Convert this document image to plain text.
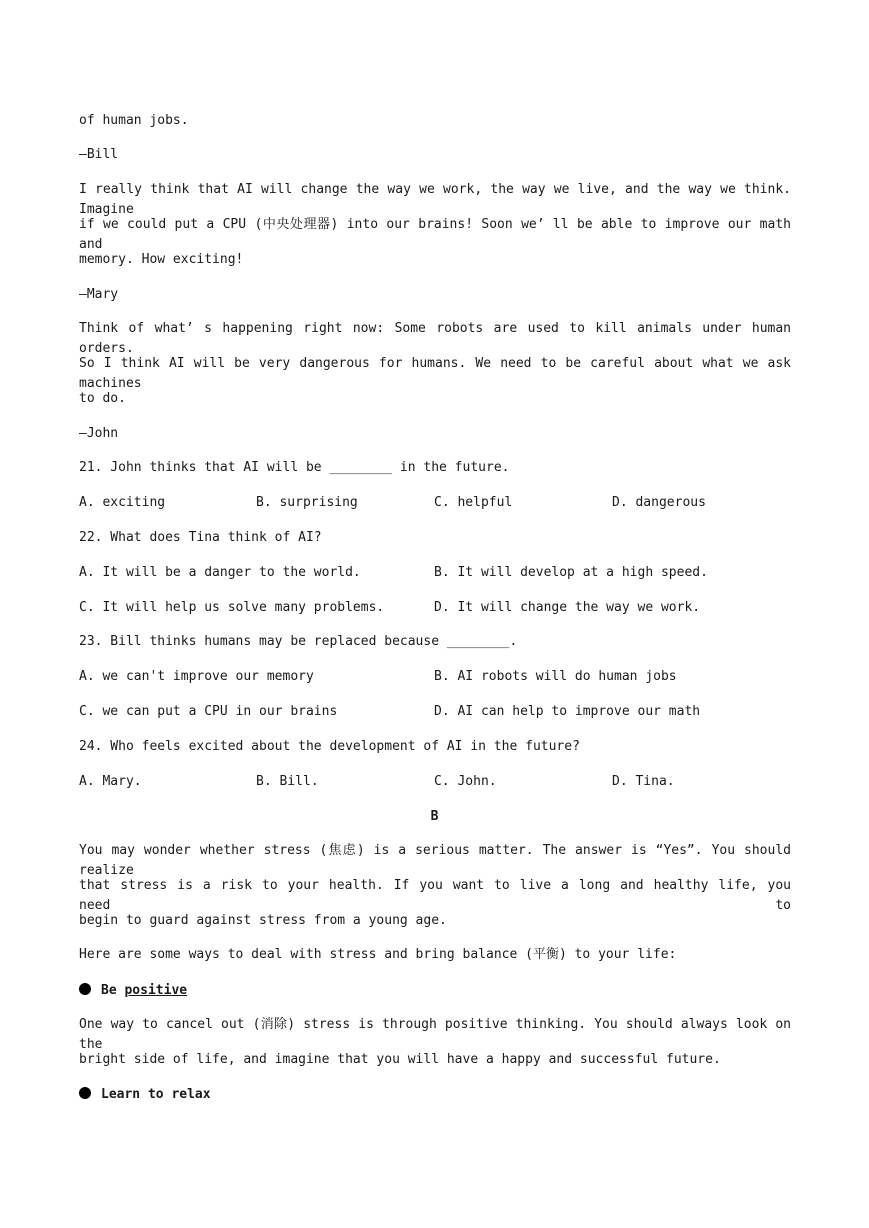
of human jobs.
—Bill
I really think that AI will change the way we work, the way we live, and the way we think. Imagine
if we could put a CPU (中央处理器) into our brains! Soon we’ ll be able to improve our math and
memory. How exciting!
—Mary
Think of what’ s happening right now: Some robots are used to kill animals under human orders.
So I think AI will be very dangerous for humans. We need to be careful about what we ask machines
to do.
—John
21. John thinks that AI will be ________ in the future.
A. exciting	B. surprising	C. helpful	D. dangerous
22. What does Tina think of AI?
A. It will be a danger to the world.	B. It will develop at a high speed.
C. It will help us solve many problems.	D. It will change the way we work.
23. Bill thinks humans may be replaced because ________.
A. we can't improve our memory	B. AI robots will do human jobs
C. we can put a CPU in our brains	D. AI can help to improve our math
24. Who feels excited about the development of AI in the future?
A. Mary.	B. Bill.	C. John.	D. Tina.
B
You may wonder whether stress (焦虑) is a serious matter. The answer is “Yes”. You should realize
that stress is a risk to your health. If you want to live a long and healthy life, you need to
begin to guard against stress from a young age.
Here are some ways to deal with stress and bring balance (平衡) to your life:
Be positive
One way to cancel out (消除) stress is through positive thinking. You should always look on the
bright side of life, and imagine that you will have a happy and successful future.
Learn to relax
